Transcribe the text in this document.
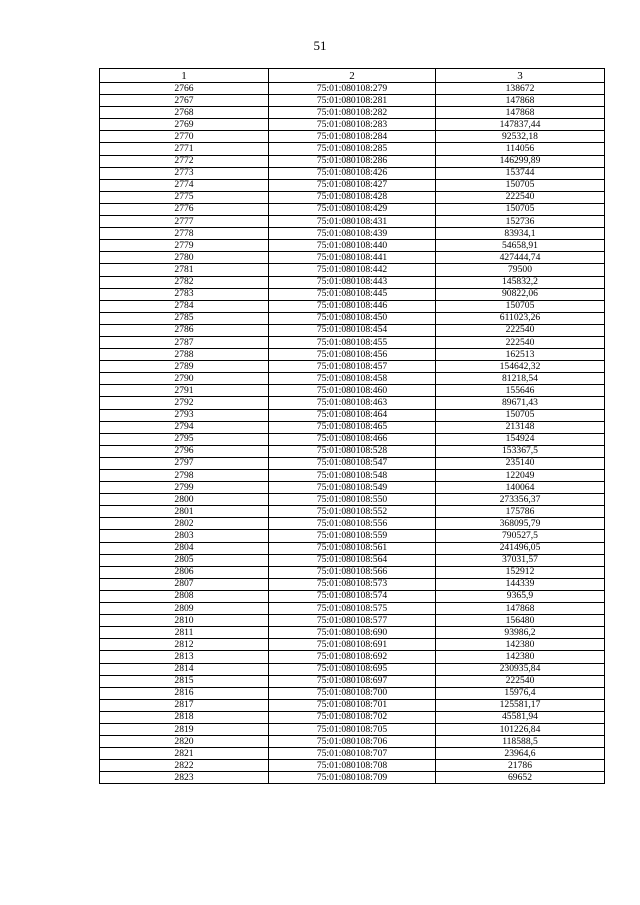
51
1	2	3
2766	75:01:080108:279	138672
2767	75:01:080108:281	147868
2768	75:01:080108:282	147868
2769	75:01:080108:283	147837,44
2770	75:01:080108:284	92532,18
2771	75:01:080108:285	114056
2772	75:01:080108:286	146299,89
2773	75:01:080108:426	153744
2774	75:01:080108:427	150705
2775	75:01:080108:428	222540
2776	75:01:080108:429	150705
2777	75:01:080108:431	152736
2778	75:01:080108:439	83934,1
2779	75:01:080108:440	54658,91
2780	75:01:080108:441	427444,74
2781	75:01:080108:442	79500
2782	75:01:080108:443	145832,2
2783	75:01:080108:445	90822,06
2784	75:01:080108:446	150705
2785	75:01:080108:450	611023,26
2786	75:01:080108:454	222540
2787	75:01:080108:455	222540
2788	75:01:080108:456	162513
2789	75:01:080108:457	154642,32
2790	75:01:080108:458	81218,54
2791	75:01:080108:460	155646
2792	75:01:080108:463	89671,43
2793	75:01:080108:464	150705
2794	75:01:080108:465	213148
2795	75:01:080108:466	154924
2796	75:01:080108:528	153367,5
2797	75:01:080108:547	235140
2798	75:01:080108:548	122049
2799	75:01:080108:549	140064
2800	75:01:080108:550	273356,37
2801	75:01:080108:552	175786
2802	75:01:080108:556	368095,79
2803	75:01:080108:559	790527,5
2804	75:01:080108:561	241496,05
2805	75:01:080108:564	37031,57
2806	75:01:080108:566	152912
2807	75:01:080108:573	144339
2808	75:01:080108:574	9365,9
2809	75:01:080108:575	147868
2810	75:01:080108:577	156480
2811	75:01:080108:690	93986,2
2812	75:01:080108:691	142380
2813	75:01:080108:692	142380
2814	75:01:080108:695	230935,84
2815	75:01:080108:697	222540
2816	75:01:080108:700	15976,4
2817	75:01:080108:701	125581,17
2818	75:01:080108:702	45581,94
2819	75:01:080108:705	101226,84
2820	75:01:080108:706	118588,5
2821	75:01:080108:707	23964,6
2822	75:01:080108:708	21786
2823	75:01:080108:709	69652
